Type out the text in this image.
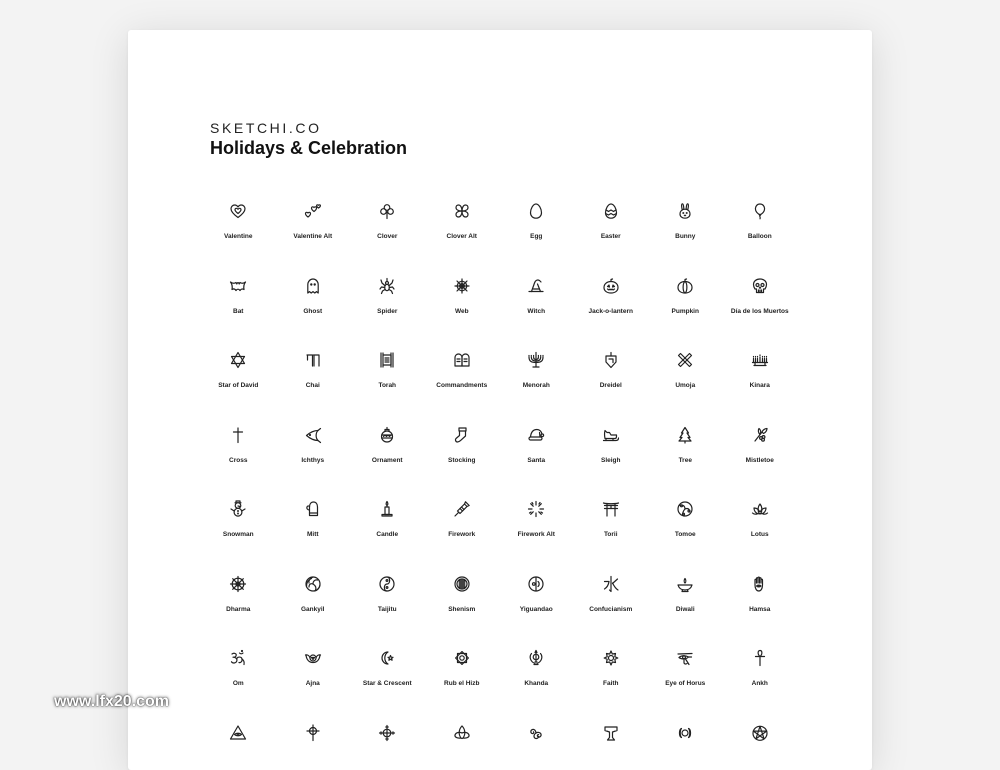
SKETCHI.CO
Holidays & Celebration
Valentine	Valentine Alt	Clover	Clover Alt	Egg	Easter	Bunny	Balloon
Bat	Ghost	Spider	Web	Witch	Jack-o-lantern	Pumpkin	Día de los Muertos
Star of David	Chai	Torah	Commandments	Menorah	Dreidel	Umoja	Kinara
Cross	Ichthys	Ornament	Stocking	Santa	Sleigh	Tree	Mistletoe
Snowman	Mitt	Candle	Firework	Firework Alt	Torii	Tomoe	Lotus
Dharma	Gankyil	Taijitu	Shenism	Yiguandao	Confucianism	Diwali	Hamsa
Om	Ajna	Star & Crescent	Rub el Hizb	Khanda	Faith	Eye of Horus	Ankh
www.lfx20.com
